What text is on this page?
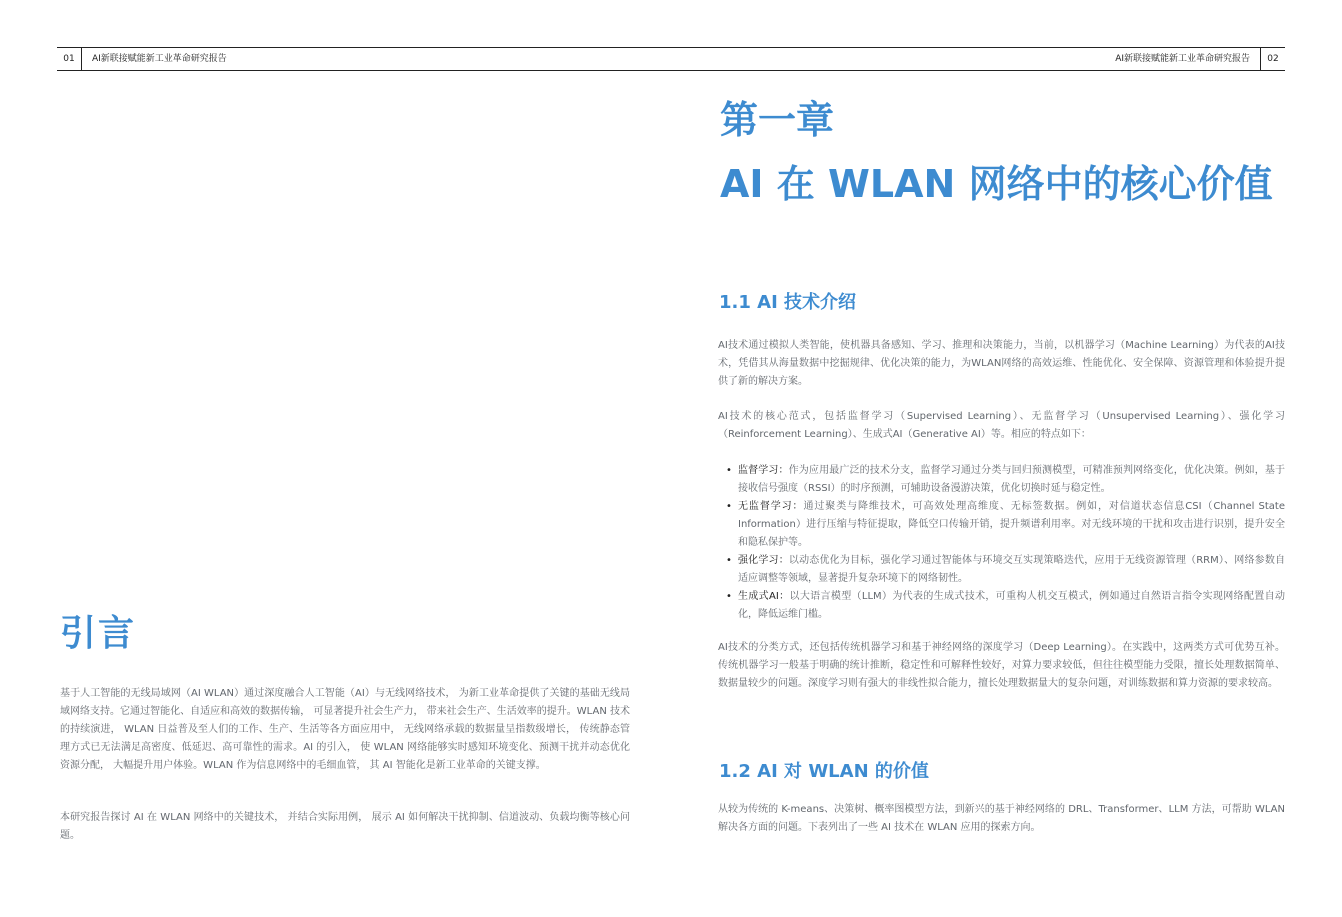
01	AI新联接赋能新工业革命研究报告	AI新联接赋能新工业革命研究报告	02
引言

基于人工智能的无线局域网（AI WLAN）通过深度融合人工智能（AI）与无线网络技术， 为新工业革命提供了关键的基础无线局域网络支持。它通过智能化、自适应和高效的数据传输， 可显著提升社会生产力， 带来社会生产、生活效率的提升。WLAN 技术的持续演进， WLAN 日益普及至人们的工作、生产、生活等各方面应用中， 无线网络承载的数据量呈指数级增长， 传统静态管理方式已无法满足高密度、低延迟、高可靠性的需求。AI 的引入， 使 WLAN 网络能够实时感知环境变化、预测干扰并动态优化资源分配， 大幅提升用户体验。WLAN 作为信息网络中的毛细血管， 其 AI 智能化是新工业革命的关键支撑。

本研究报告探讨 AI 在 WLAN 网络中的关键技术， 并结合实际用例， 展示 AI 如何解决干扰抑制、信道波动、负载均衡等核心问题。

第一章
AI 在 WLAN 网络中的核心价值
1.1 AI 技术介绍

AI技术通过模拟人类智能，使机器具备感知、学习、推理和决策能力，当前，以机器学习（Machine Learning）为代表的AI技术，凭借其从海量数据中挖掘规律、优化决策的能力，为WLAN网络的高效运维、性能优化、安全保障、资源管理和体验提升提供了新的解决方案。

AI技术的核心范式，包括监督学习（Supervised Learning）、无监督学习（Unsupervised Learning）、强化学习（Reinforcement Learning）、生成式AI（Generative AI）等。相应的特点如下：

• 监督学习：作为应用最广泛的技术分支，监督学习通过分类与回归预测模型，可精准预判网络变化，优化决策。例如，基于接收信号强度（RSSI）的时序预测，可辅助设备漫游决策，优化切换时延与稳定性。
• 无监督学习：通过聚类与降维技术，可高效处理高维度、无标签数据。例如，对信道状态信息CSI（Channel State Information）进行压缩与特征提取，降低空口传输开销，提升频谱利用率。对无线环境的干扰和攻击进行识别，提升安全和隐私保护等。
• 强化学习：以动态优化为目标，强化学习通过智能体与环境交互实现策略迭代，应用于无线资源管理（RRM）、网络参数自适应调整等领域，显著提升复杂环境下的网络韧性。
• 生成式AI：以大语言模型（LLM）为代表的生成式技术，可重构人机交互模式，例如通过自然语言指令实现网络配置自动化，降低运维门槛。

AI技术的分类方式，还包括传统机器学习和基于神经网络的深度学习（Deep Learning）。在实践中，这两类方式可优势互补。传统机器学习一般基于明确的统计推断，稳定性和可解释性较好，对算力要求较低，但往往模型能力受限，擅长处理数据简单、数据量较少的问题。深度学习则有强大的非线性拟合能力，擅长处理数据量大的复杂问题，对训练数据和算力资源的要求较高。

1.2 AI 对 WLAN 的价值

从较为传统的 K-means、决策树、概率图模型方法，到新兴的基于神经网络的 DRL、Transformer、LLM 方法，可帮助 WLAN 解决各方面的问题。下表列出了一些 AI 技术在 WLAN 应用的探索方向。
